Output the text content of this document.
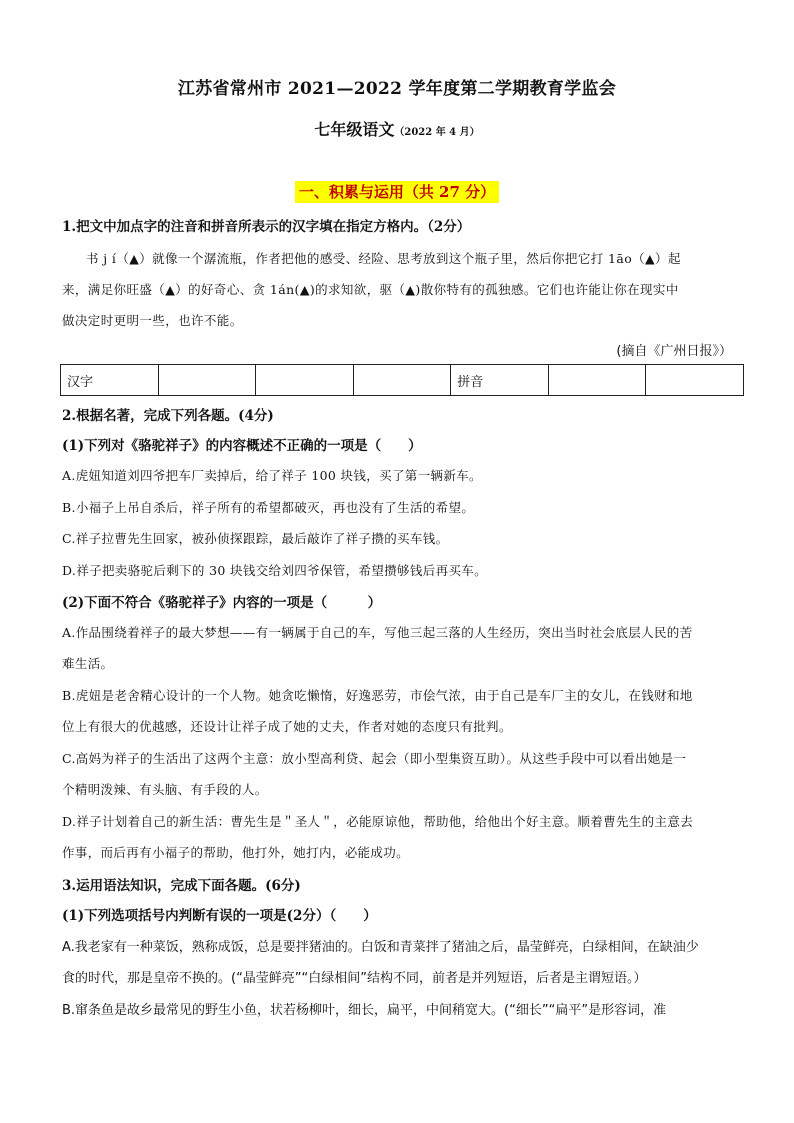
江苏省常州市 2021—2022 学年度第二学期教育学监会
七年级语文（2022 年 4 月）
一、积累与运用（共 27 分）
1.把文中加点字的注音和拼音所表示的汉字填在指定方格内。（2分）
书 j í（▲）就像一个潺流瓶，作者把他的感受、经险、思考放到这个瓶子里，然后你把它打 1āo（▲）起
来，满足你旺盛（▲）的好奇心、贪 1án(▲)的求知欲，驱（▲)散你特有的孤独感。它们也许能让你在现实中
做决定时更明一些，也许不能。
(摘自《广州日报》）
汉字				拼音		
2.根据名著，完成下列各题。(4分)
(1)下列对《骆驼祥子》的内容概述不正确的一项是（　　）
A.虎妞知道刘四爷把车厂卖掉后，给了祥子 100 块钱，买了第一辆新车。
B.小福子上吊自杀后，祥子所有的希望都破灭，再也没有了生活的希望。
C.祥子拉曹先生回家，被孙侦探跟踪，最后敲诈了祥子攒的买车钱。
D.祥子把卖骆驼后剩下的 30 块钱交给刘四爷保管，希望攒够钱后再买车。
(2)下面不符合《骆驼祥子》内容的一项是（　　　）
A.作品围绕着祥子的最大梦想——有一辆属于自己的车，写他三起三落的人生经历，突出当时社会底层人民的苦
难生活。
B.虎妞是老舍精心设计的一个人物。她贪吃懒惰，好逸恶劳，市侩气浓，由于自己是车厂主的女儿，在钱财和地
位上有很大的优越感，还设计让祥子成了她的丈夫，作者对她的态度只有批判。
C.高妈为祥子的生活出了这两个主意：放小型高利贷、起会（即小型集资互助）。从这些手段中可以看出她是一
个精明泼辣、有头脑、有手段的人。
D.祥子计划着自己的新生活：曹先生是＂圣人＂，必能原谅他，帮助他，给他出个好主意。顺着曹先生的主意去
作事，而后再有小福子的帮助，他打外，她打内，必能成功。
3.运用语法知识，完成下面各题。(6分)
(1)下列选项括号内判断有误的一项是(2分）（　　）
A.我老家有一种菜饭，熟称成饭，总是要拌猪油的。白饭和青菜拌了猪油之后，晶莹鲜亮，白绿相间，在缺油少
食的时代，那是皇帝不换的。(“晶莹鲜亮”“白绿相间”结构不同，前者是并列短语，后者是主谓短语。）
B.窜条鱼是故乡最常见的野生小鱼，状若杨柳叶，细长，扁平，中间稍宽大。(“细长”“扁平”是形容词，准
